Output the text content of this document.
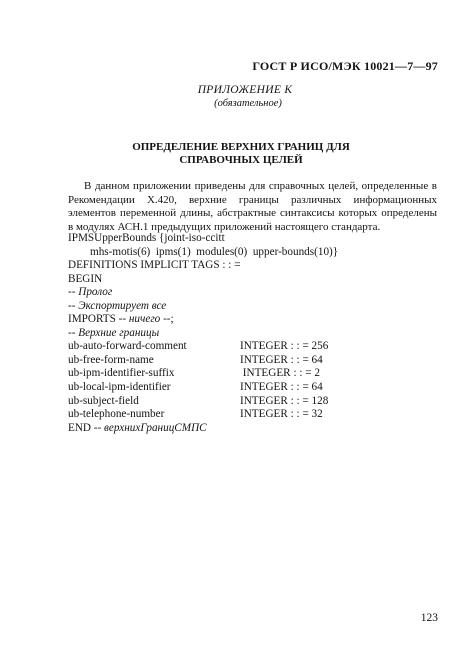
ГОСТ Р ИСО/МЭК 10021—7—97
ПРИЛОЖЕНИЕ К
(обязательное)
ОПРЕДЕЛЕНИЕ ВЕРХНИХ ГРАНИЦ ДЛЯ
СПРАВОЧНЫХ ЦЕЛЕЙ
В данном приложении приведены для справочных целей, определенные в Рекомендации X.420, верхние границы различных информационных элементов переменной длины, абстрактные синтаксисы которых определены в модулях АСН.1 предыдущих приложений настоящего стандарта.
IPMSUpperBounds {joint-iso-ccitt
mhs-motis(6)  ipms(1)  modules(0)  upper-bounds(10)}
DEFINITIONS IMPLICIT TAGS : : =
BEGIN
-- Пролог
-- Экспортирует все
IMPORTS -- ничего --;
-- Верхние границы
ub-auto-forward-comment	INTEGER : : = 256
ub-free-form-name	INTEGER : : = 64
ub-ipm-identifier-suffix	INTEGER : : = 2
ub-local-ipm-identifier	INTEGER : : = 64
ub-subject-field	INTEGER : : = 128
ub-telephone-number	INTEGER : : = 32
END -- верхнихГраницСМПС
123
